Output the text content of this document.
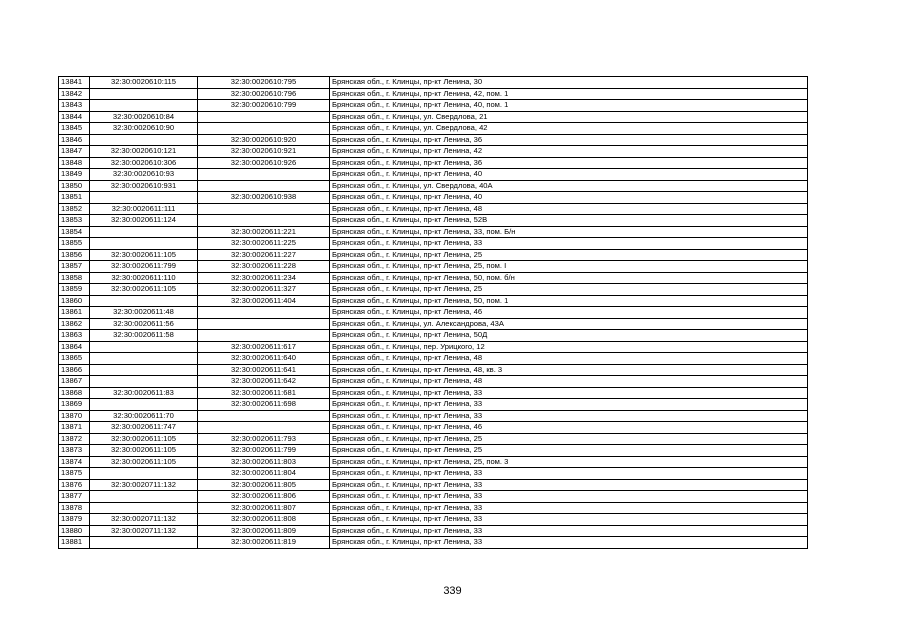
13841	32:30:0020610:115	32:30:0020610:795	Брянская обл., г. Клинцы, пр-кт Ленина, 30
13842		32:30:0020610:796	Брянская обл., г. Клинцы, пр-кт Ленина, 42, пом. 1
13843		32:30:0020610:799	Брянская обл., г. Клинцы, пр-кт Ленина, 40, пом. 1
13844	32:30:0020610:84		Брянская обл., г. Клинцы, ул. Свердлова, 21
13845	32:30:0020610:90		Брянская обл., г. Клинцы, ул. Свердлова, 42
13846		32:30:0020610:920	Брянская обл., г. Клинцы, пр-кт Ленина, 36
13847	32:30:0020610:121	32:30:0020610:921	Брянская обл., г. Клинцы, пр-кт Ленина, 42
13848	32:30:0020610:306	32:30:0020610:926	Брянская обл., г. Клинцы, пр-кт Ленина, 36
13849	32:30:0020610:93		Брянская обл., г. Клинцы, пр-кт Ленина, 40
13850	32:30:0020610:931		Брянская обл., г. Клинцы, ул. Свердлова, 40А
13851		32:30:0020610:938	Брянская обл., г. Клинцы, пр-кт Ленина, 40
13852	32:30:0020611:111		Брянская обл., г. Клинцы, пр-кт Ленина, 48
13853	32:30:0020611:124		Брянская обл., г. Клинцы, пр-кт Ленина, 52В
13854		32:30:0020611:221	Брянская обл., г. Клинцы, пр-кт Ленина, 33, пом. Б/н
13855		32:30:0020611:225	Брянская обл., г. Клинцы, пр-кт Ленина, 33
13856	32:30:0020611:105	32:30:0020611:227	Брянская обл., г. Клинцы, пр-кт Ленина, 25
13857	32:30:0020611:799	32:30:0020611:228	Брянская обл., г. Клинцы, пр-кт Ленина, 25, пом. I
13858	32:30:0020611:110	32:30:0020611:234	Брянская обл., г. Клинцы, пр-кт Ленина, 50, пом. б/н
13859	32:30:0020611:105	32:30:0020611:327	Брянская обл., г. Клинцы, пр-кт Ленина, 25
13860		32:30:0020611:404	Брянская обл., г. Клинцы, пр-кт Ленина, 50, пом. 1
13861	32:30:0020611:48		Брянская обл., г. Клинцы, пр-кт Ленина, 46
13862	32:30:0020611:56		Брянская обл., г. Клинцы, ул. Александрова, 43А
13863	32:30:0020611:58		Брянская обл., г. Клинцы, пр-кт Ленина, 50Д
13864		32:30:0020611:617	Брянская обл., г. Клинцы, пер. Урицкого, 12
13865		32:30:0020611:640	Брянская обл., г. Клинцы, пр-кт Ленина, 48
13866		32:30:0020611:641	Брянская обл., г. Клинцы, пр-кт Ленина, 48, кв. 3
13867		32:30:0020611:642	Брянская обл., г. Клинцы, пр-кт Ленина, 48
13868	32:30:0020611:83	32:30:0020611:681	Брянская обл., г. Клинцы, пр-кт Ленина, 33
13869		32:30:0020611:698	Брянская обл., г. Клинцы, пр-кт Ленина, 33
13870	32:30:0020611:70		Брянская обл., г. Клинцы, пр-кт Ленина, 33
13871	32:30:0020611:747		Брянская обл., г. Клинцы, пр-кт Ленина, 46
13872	32:30:0020611:105	32:30:0020611:793	Брянская обл., г. Клинцы, пр-кт Ленина, 25
13873	32:30:0020611:105	32:30:0020611:799	Брянская обл., г. Клинцы, пр-кт Ленина, 25
13874	32:30:0020611:105	32:30:0020611:803	Брянская обл., г. Клинцы, пр-кт Ленина, 25, пом. 3
13875		32:30:0020611:804	Брянская обл., г. Клинцы, пр-кт Ленина, 33
13876	32:30:0020711:132	32:30:0020611:805	Брянская обл., г. Клинцы, пр-кт Ленина, 33
13877		32:30:0020611:806	Брянская обл., г. Клинцы, пр-кт Ленина, 33
13878		32:30:0020611:807	Брянская обл., г. Клинцы, пр-кт Ленина, 33
13879	32:30:0020711:132	32:30:0020611:808	Брянская обл., г. Клинцы, пр-кт Ленина, 33
13880	32:30:0020711:132	32:30:0020611:809	Брянская обл., г. Клинцы, пр-кт Ленина, 33
13881		32:30:0020611:819	Брянская обл., г. Клинцы, пр-кт Ленина, 33
339
